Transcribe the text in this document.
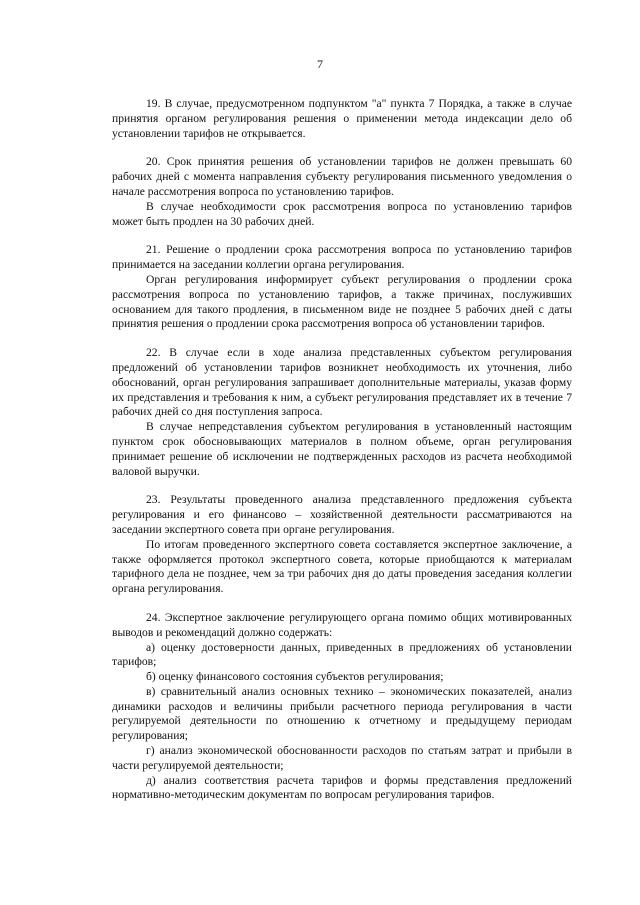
7

19. В случае, предусмотренном подпунктом "а" пункта 7 Порядка, а также в случае принятия органом регулирования решения о применении метода индексации дело об установлении тарифов не открывается.

20. Срок принятия решения об установлении тарифов не должен превышать 60 рабочих дней с момента направления субъекту регулирования письменного уведомления о начале рассмотрения вопроса по установлению тарифов.

В случае необходимости срок рассмотрения вопроса по установлению тарифов может быть продлен на 30 рабочих дней.

21. Решение о продлении срока рассмотрения вопроса по установлению тарифов принимается на заседании коллегии органа регулирования.

Орган регулирования информирует субъект регулирования о продлении срока рассмотрения вопроса по установлению тарифов, а также причинах, послуживших основанием для такого продления, в письменном виде не позднее 5 рабочих дней с даты принятия решения о продлении срока рассмотрения вопроса об установлении тарифов.

22. В случае если в ходе анализа представленных субъектом регулирования предложений об установлении тарифов возникнет необходимость их уточнения, либо обоснований, орган регулирования запрашивает дополнительные материалы, указав форму их представления и требования к ним, а субъект регулирования представляет их в течение 7 рабочих дней со дня поступления запроса.

В случае непредставления субъектом регулирования в установленный настоящим пунктом срок обосновывающих материалов в полном объеме, орган регулирования принимает решение об исключении не подтвержденных расходов из расчета необходимой валовой выручки.

23. Результаты проведенного анализа представленного предложения субъекта регулирования и его финансово – хозяйственной деятельности рассматриваются на заседании экспертного совета при органе регулирования.

По итогам проведенного экспертного совета составляется экспертное заключение, а также оформляется протокол экспертного совета, которые приобщаются к материалам тарифного дела не позднее, чем за три рабочих дня до даты проведения заседания коллегии органа регулирования.

24. Экспертное заключение регулирующего органа помимо общих мотивированных выводов и рекомендаций должно содержать:

а) оценку достоверности данных, приведенных в предложениях об установлении тарифов;

б) оценку финансового состояния субъектов регулирования;

в) сравнительный анализ основных технико – экономических показателей, анализ динамики расходов и величины прибыли расчетного периода регулирования в части регулируемой деятельности по отношению к отчетному и предыдущему периодам регулирования;

г) анализ экономической обоснованности расходов по статьям затрат и прибыли в части регулируемой деятельности;

д) анализ соответствия расчета тарифов и формы представления предложений нормативно-методическим документам по вопросам регулирования тарифов.
